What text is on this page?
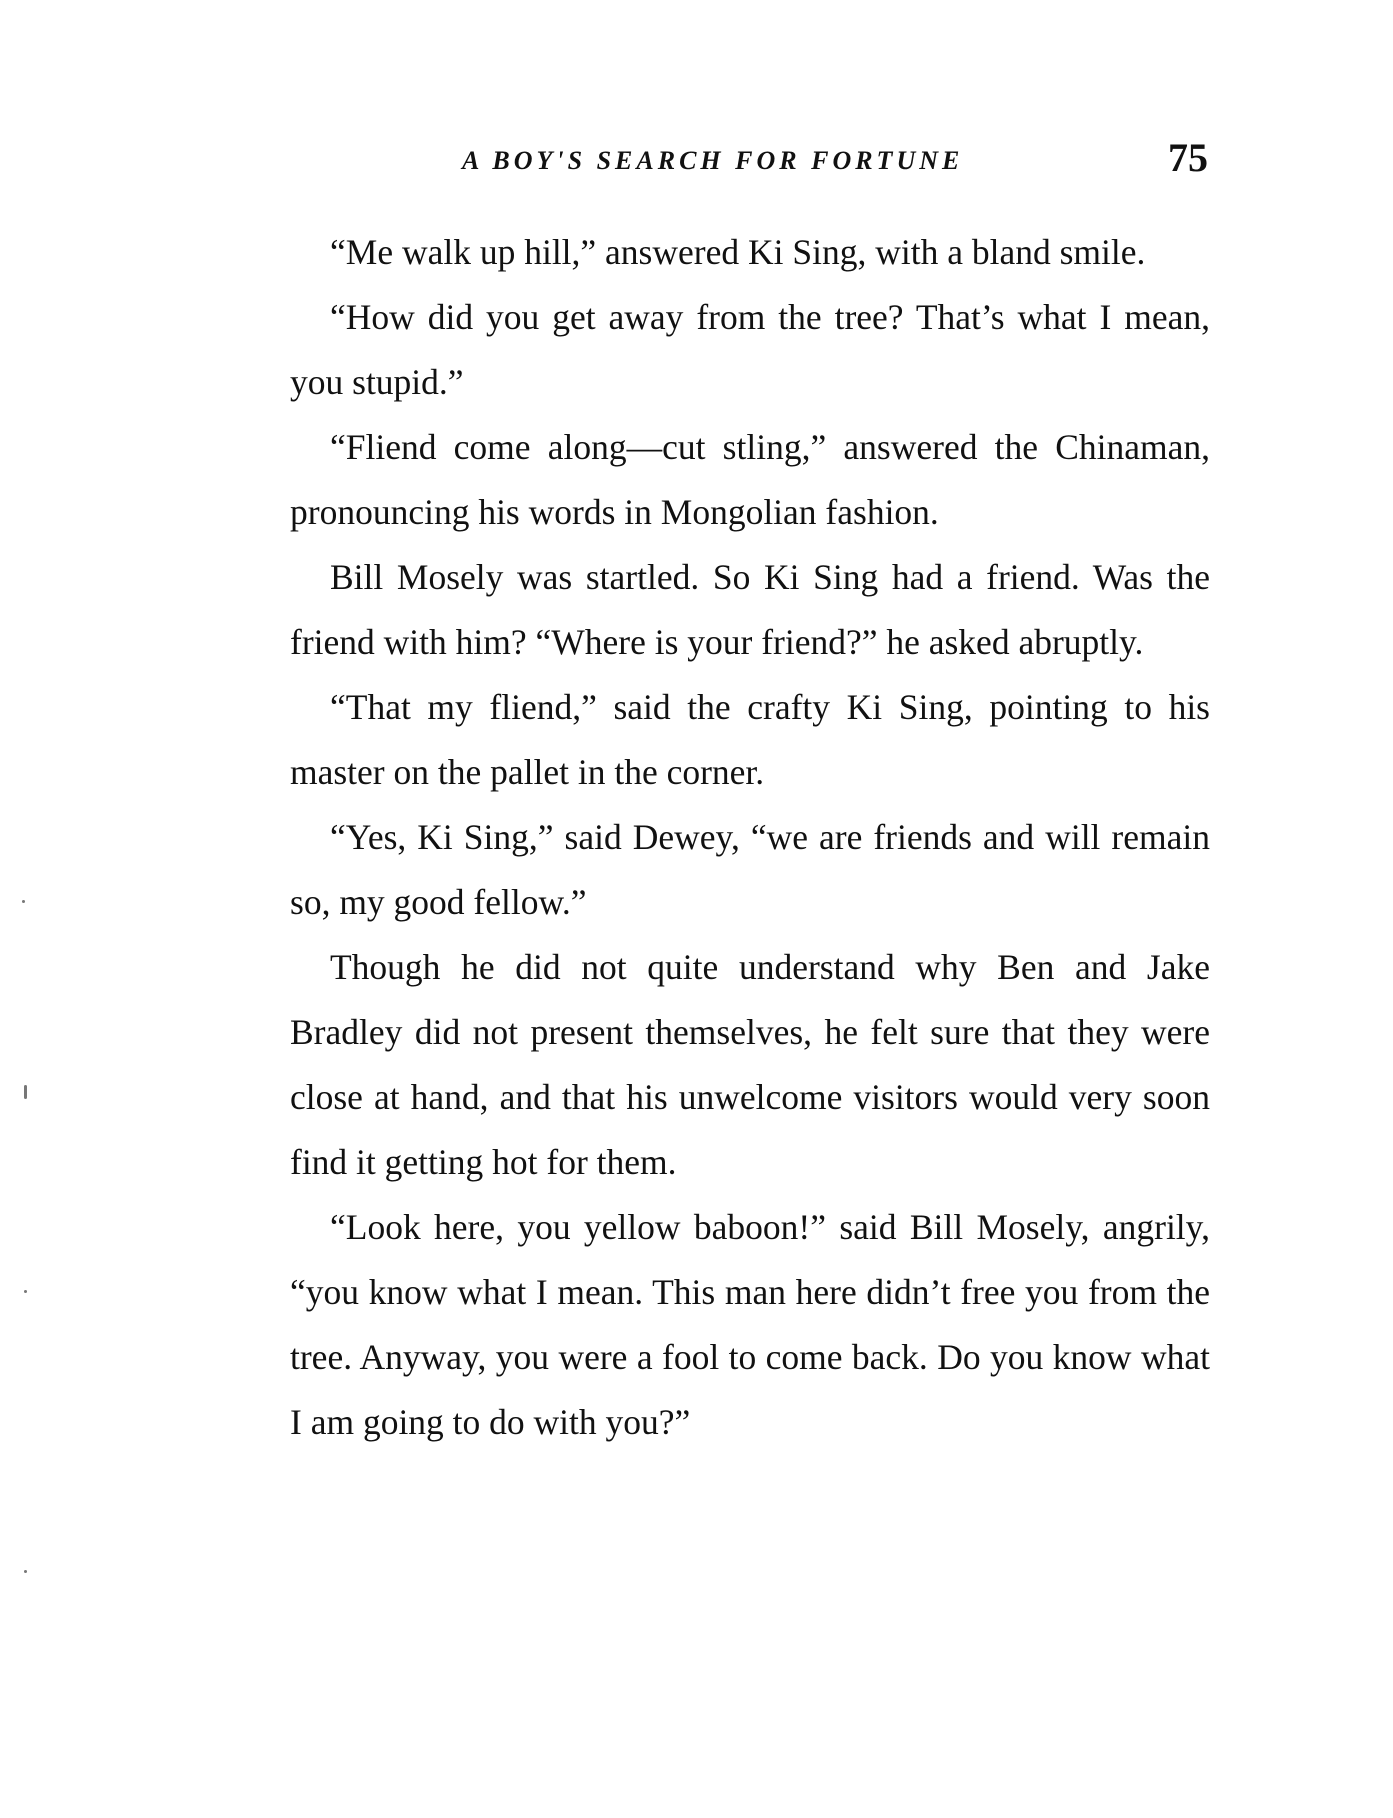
A BOY'S SEARCH FOR FORTUNE	75

“Me walk up hill,” answered Ki Sing, with a bland smile.

“How did you get away from the tree? That’s what I mean, you stupid.”

“Fliend come along—cut stling,” answered the Chinaman, pronouncing his words in Mongolian fashion.

Bill Mosely was startled. So Ki Sing had a friend. Was the friend with him? “Where is your friend?” he asked abruptly.

“That my fliend,” said the crafty Ki Sing, pointing to his master on the pallet in the corner.

“Yes, Ki Sing,” said Dewey, “we are friends and will remain so, my good fellow.”

Though he did not quite understand why Ben and Jake Bradley did not present themselves, he felt sure that they were close at hand, and that his unwelcome visitors would very soon find it getting hot for them.

“Look here, you yellow baboon!” said Bill Mosely, angrily, “you know what I mean. This man here didn’t free you from the tree. Anyway, you were a fool to come back. Do you know what I am going to do with you?”
